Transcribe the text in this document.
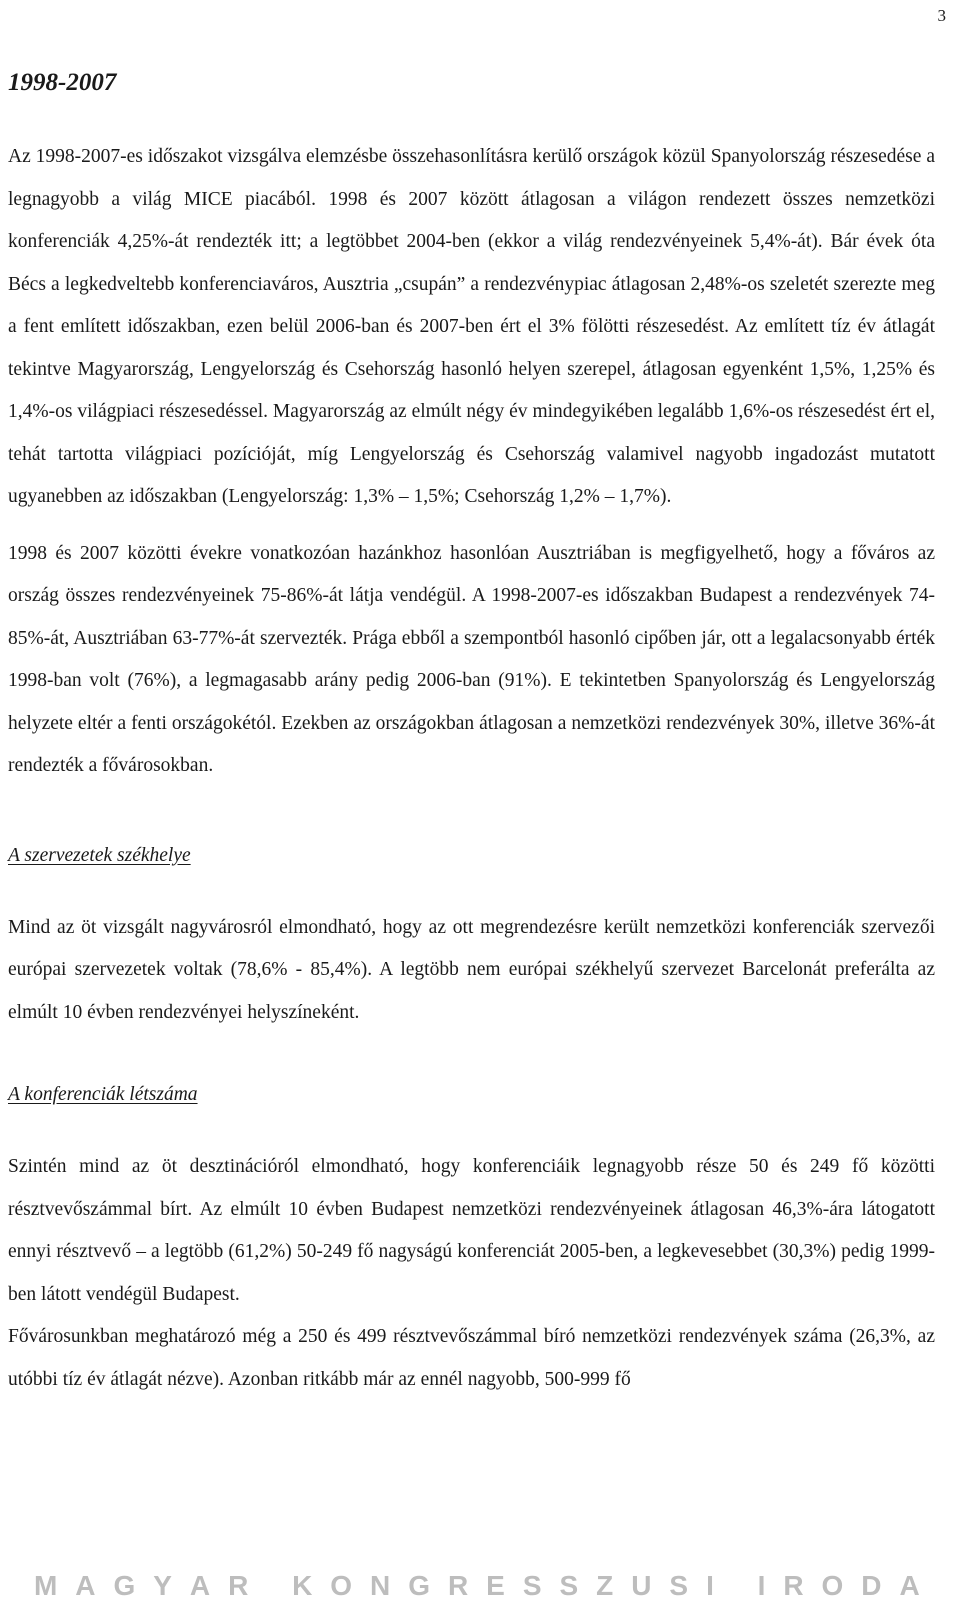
3
1998-2007

Az 1998-2007-es időszakot vizsgálva elemzésbe összehasonlításra kerülő országok közül Spanyolország részesedése a legnagyobb a világ MICE piacából. 1998 és 2007 között átlagosan a világon rendezett összes nemzetközi konferenciák 4,25%-át rendezték itt; a legtöbbet 2004-ben (ekkor a világ rendezvényeinek 5,4%-át). Bár évek óta Bécs a legkedveltebb konferenciaváros, Ausztria „csupán” a rendezvénypiac átlagosan 2,48%-os szeletét szerezte meg a fent említett időszakban, ezen belül 2006-ban és 2007-ben ért el 3% fölötti részesedést. Az említett tíz év átlagát tekintve Magyarország, Lengyelország és Csehország hasonló helyen szerepel, átlagosan egyenként 1,5%, 1,25% és 1,4%-os világpiaci részesedéssel. Magyarország az elmúlt négy év mindegyikében legalább 1,6%-os részesedést ért el, tehát tartotta világpiaci pozícióját, míg Lengyelország és Csehország valamivel nagyobb ingadozást mutatott ugyanebben az időszakban (Lengyelország: 1,3% – 1,5%; Csehország 1,2% – 1,7%).

1998 és 2007 közötti évekre vonatkozóan hazánkhoz hasonlóan Ausztriában is megfigyelhető, hogy a főváros az ország összes rendezvényeinek 75-86%-át látja vendégül. A 1998-2007-es időszakban Budapest a rendezvények 74-85%-át, Ausztriában 63-77%-át szervezték. Prága ebből a szempontból hasonló cipőben jár, ott a legalacsonyabb érték 1998-ban volt (76%), a legmagasabb arány pedig 2006-ban (91%). E tekintetben Spanyolország és Lengyelország helyzete eltér a fenti országokétól. Ezekben az országokban átlagosan a nemzetközi rendezvények 30%, illetve 36%-át rendezték a fővárosokban.

A szervezetek székhelye

Mind az öt vizsgált nagyvárosról elmondható, hogy az ott megrendezésre került nemzetközi konferenciák szervezői európai szervezetek voltak (78,6% - 85,4%). A legtöbb nem európai székhelyű szervezet Barcelonát preferálta az elmúlt 10 évben rendezvényei helyszíneként.

A konferenciák létszáma

Szintén mind az öt desztinációról elmondható, hogy konferenciáik legnagyobb része 50 és 249 fő közötti résztvevőszámmal bírt. Az elmúlt 10 évben Budapest nemzetközi rendezvényeinek átlagosan 46,3%-ára látogatott ennyi résztvevő – a legtöbb (61,2%) 50-249 fő nagyságú konferenciát 2005-ben, a legkevesebbet (30,3%) pedig 1999-ben látott vendégül Budapest.

Fővárosunkban meghatározó még a 250 és 499 résztvevőszámmal bíró nemzetközi rendezvények száma (26,3%, az utóbbi tíz év átlagát nézve). Azonban ritkább már az ennél nagyobb, 500-999 fő

M A G Y A R
K O N G R E S S Z U S I
I R O D A
